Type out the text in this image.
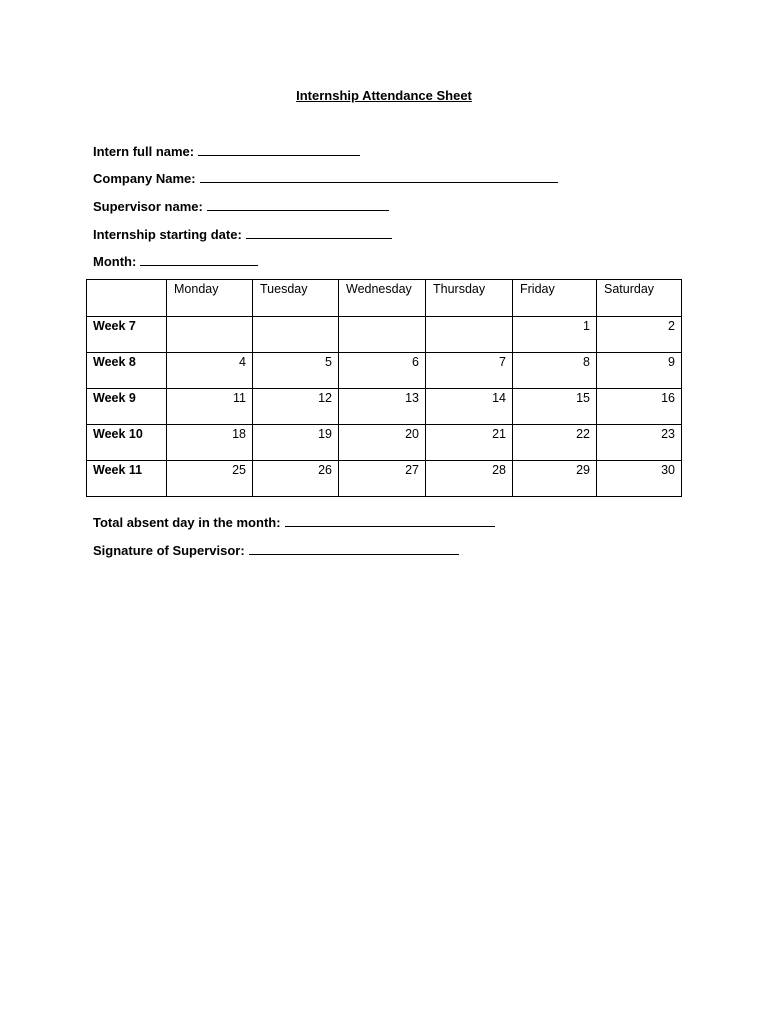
Internship Attendance Sheet
Intern full name:
Company Name:
Supervisor name:
Internship starting date:
Month:
	Monday	Tuesday	Wednesday	Thursday	Friday	Saturday
Week 7					1	2
Week 8	4	5	6	7	8	9
Week 9	11	12	13	14	15	16
Week 10	18	19	20	21	22	23
Week 11	25	26	27	28	29	30
Total absent day in the month:
Signature of Supervisor:
